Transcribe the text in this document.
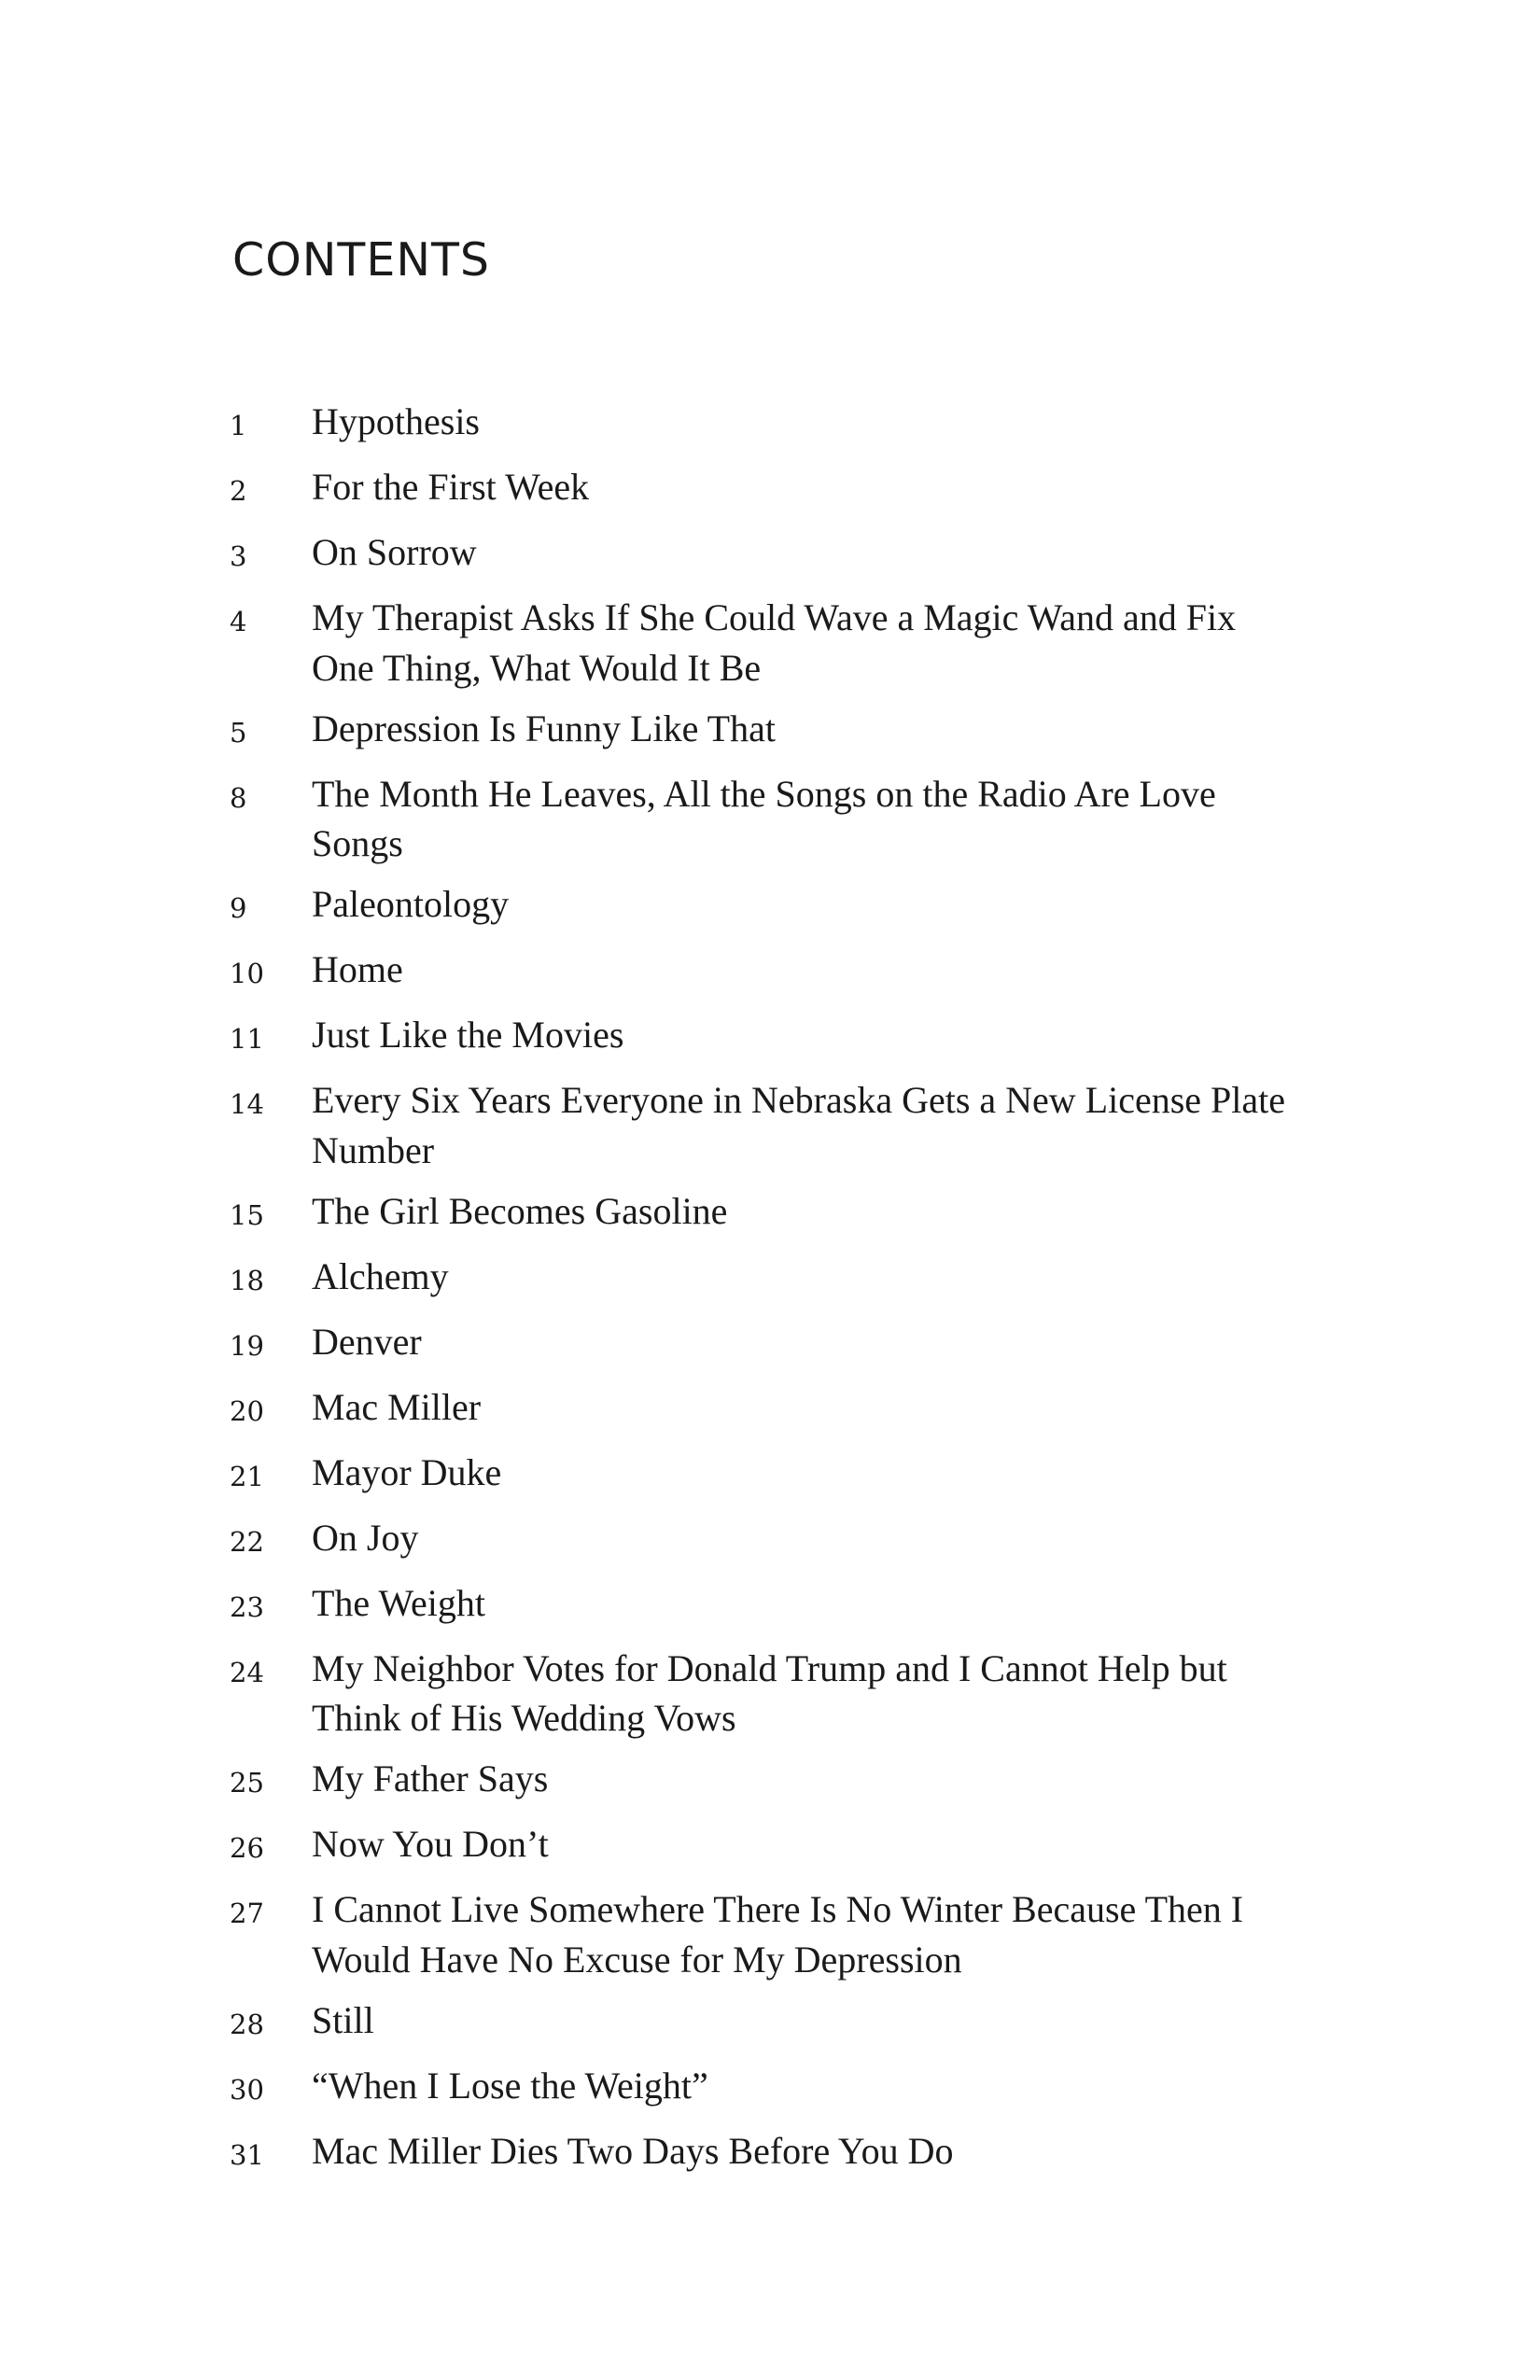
CONTENTS
1	Hypothesis
2	For the First Week
3	On Sorrow
4	My Therapist Asks If She Could Wave a Magic Wand and Fix One Thing, What Would It Be
5	Depression Is Funny Like That
8	The Month He Leaves, All the Songs on the Radio Are Love Songs
9	Paleontology
10	Home
11	Just Like the Movies
14	Every Six Years Everyone in Nebraska Gets a New License Plate Number
15	The Girl Becomes Gasoline
18	Alchemy
19	Denver
20	Mac Miller
21	Mayor Duke
22	On Joy
23	The Weight
24	My Neighbor Votes for Donald Trump and I Cannot Help but Think of His Wedding Vows
25	My Father Says
26	Now You Don’t
27	I Cannot Live Somewhere There Is No Winter Because Then I Would Have No Excuse for My Depression
28	Still
30	“When I Lose the Weight”
31	Mac Miller Dies Two Days Before You Do
